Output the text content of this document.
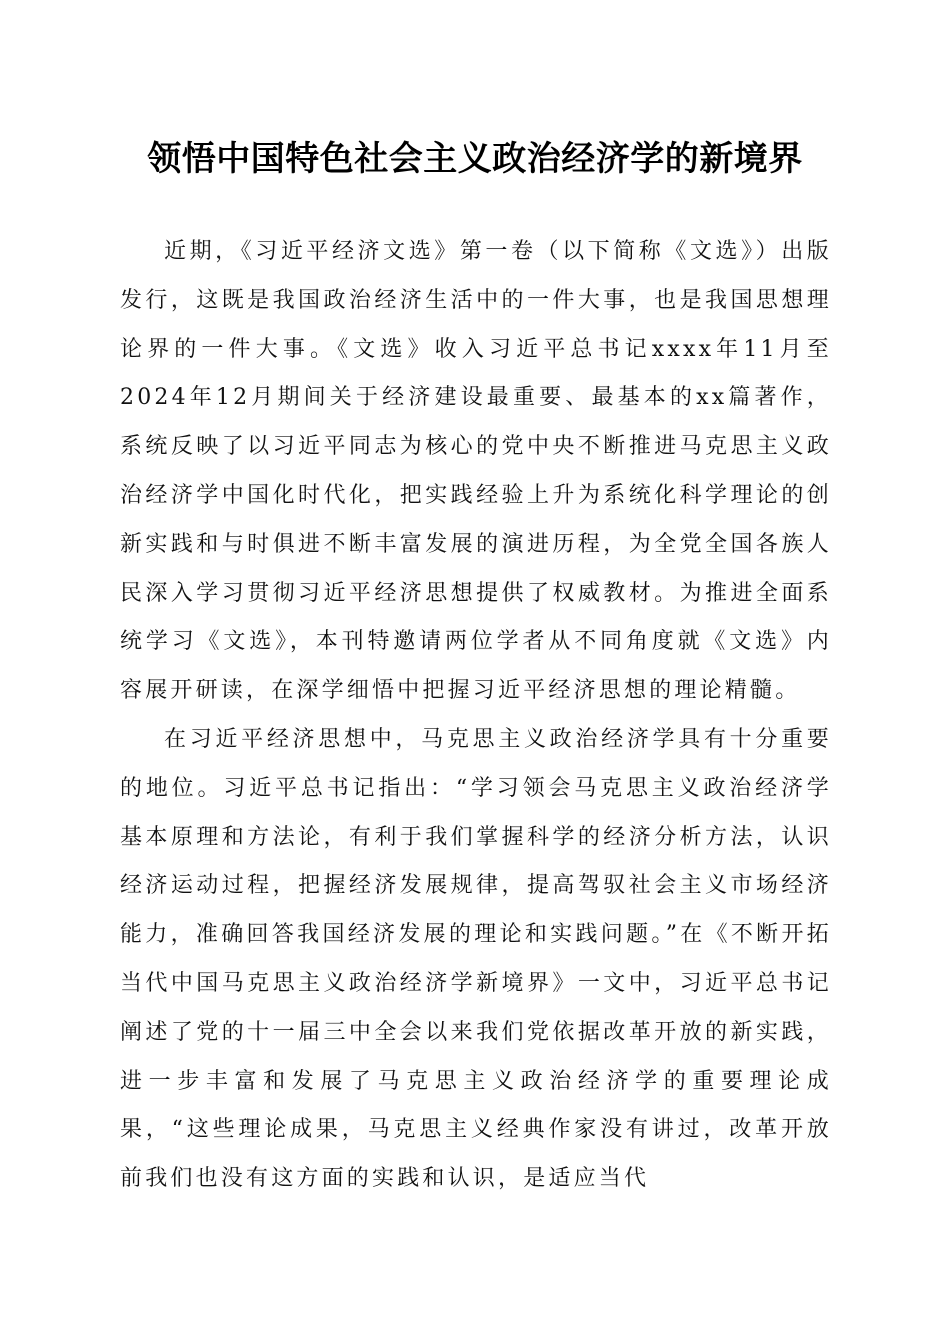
领悟中国特色社会主义政治经济学的新境界

近期，《习近平经济文选》第一卷（以下简称《文选》）出版发行，这既是我国政治经济生活中的一件大事，也是我国思想理论界的一件大事。《文选》收入习近平总书记xxxx年11月至2024年12月期间关于经济建设最重要、最基本的xx篇著作，系统反映了以习近平同志为核心的党中央不断推进马克思主义政治经济学中国化时代化，把实践经验上升为系统化科学理论的创新实践和与时俱进不断丰富发展的演进历程，为全党全国各族人民深入学习贯彻习近平经济思想提供了权威教材。为推进全面系统学习《文选》，本刊特邀请两位学者从不同角度就《文选》内容展开研读，在深学细悟中把握习近平经济思想的理论精髓。

在习近平经济思想中，马克思主义政治经济学具有十分重要的地位。习近平总书记指出：“学习领会马克思主义政治经济学基本原理和方法论，有利于我们掌握科学的经济分析方法，认识经济运动过程，把握经济发展规律，提高驾驭社会主义市场经济能力，准确回答我国经济发展的理论和实践问题。”在《不断开拓当代中国马克思主义政治经济学新境界》一文中，习近平总书记阐述了党的十一届三中全会以来我们党依据改革开放的新实践，进一步丰富和发展了马克思主义政治经济学的重要理论成果，“这些理论成果，马克思主义经典作家没有讲过，改革开放前我们也没有这方面的实践和认识，是适应当代
